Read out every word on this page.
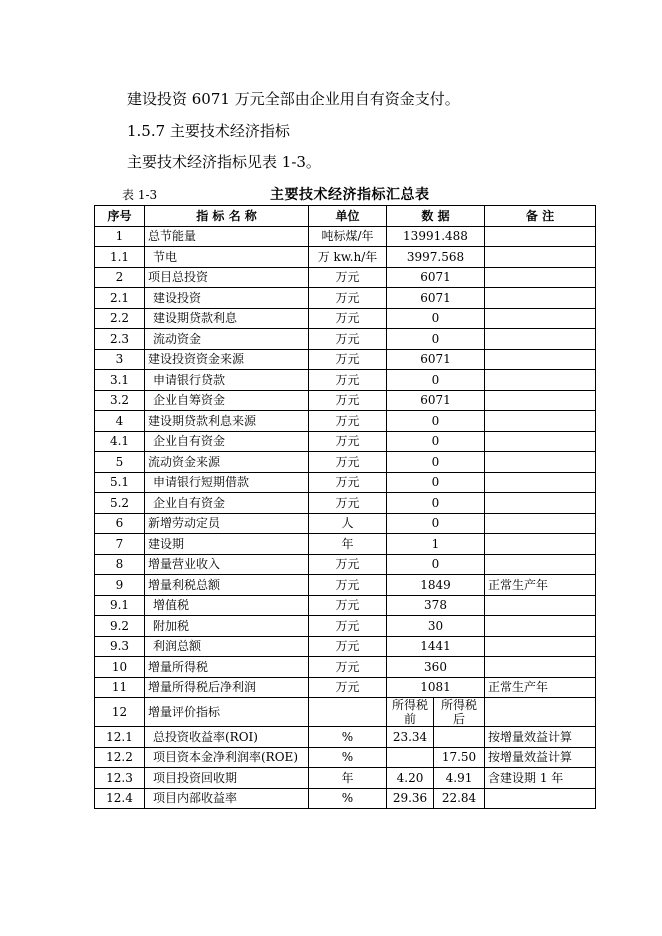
建设投资 6071 万元全部由企业用自有资金支付。
1.5.7 主要技术经济指标
主要技术经济指标见表 1-3。
表 1-3	主要技术经济指标汇总表
序号	指 标 名 称	单位	数 据		备 注
1	总节能量	吨标煤/年	13991.488		
1.1	节电	万 kw.h/年	3997.568		
2	项目总投资	万元	6071		
2.1	建设投资	万元	6071		
2.2	建设期贷款利息	万元	0		
2.3	流动资金	万元	0		
3	建设投资资金来源	万元	6071		
3.1	申请银行贷款	万元	0		
3.2	企业自筹资金	万元	6071		
4	建设期贷款利息来源	万元	0		
4.1	企业自有资金	万元	0		
5	流动资金来源	万元	0		
5.1	申请银行短期借款	万元	0		
5.2	企业自有资金	万元	0		
6	新增劳动定员	人	0		
7	建设期	年	1		
8	增量营业收入	万元	0		
9	增量利税总额	万元	1849		正常生产年
9.1	增值税	万元	378		
9.2	附加税	万元	30		
9.3	利润总额	万元	1441		
10	增量所得税	万元	360		
11	增量所得税后净利润	万元	1081		正常生产年
12	增量评价指标		所得税前	所得税后	
12.1	总投资收益率(ROI)	%	23.34		按增量效益计算
12.2	项目资本金净利润率(ROE)	%		17.50	按增量效益计算
12.3	项目投资回收期	年	4.20	4.91	含建设期 1 年
12.4	项目内部收益率	%	29.36	22.84	
